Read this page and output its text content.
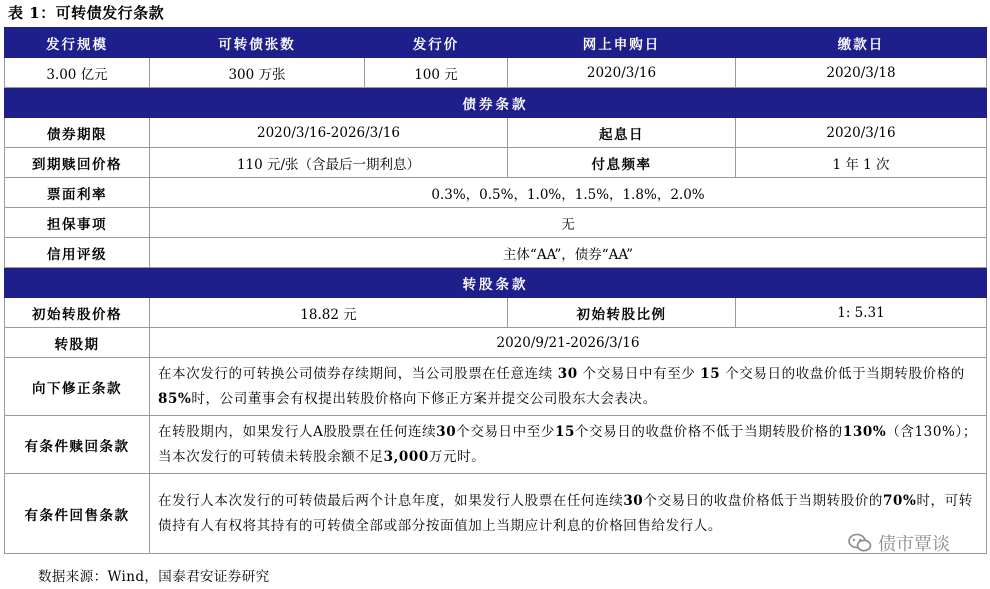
表 1：可转债发行条款
发行规模	可转债张数	发行价	网上申购日	缴款日
3.00 亿元	300 万张	100 元	2020/3/16	2020/3/18
债券条款				
债券期限	2020/3/16-2026/3/16		起息日	2020/3/16
到期赎回价格	110 元/张（含最后一期利息）		付息频率	1 年 1 次
票面利率	0.3%，0.5%，1.0%，1.5%，1.8%，2.0%			
担保事项	无			
信用评级	主体“AA”，债券“AA”			
转股条款				
初始转股价格	18.82 元		初始转股比例	1: 5.31
转股期	2020/9/21-2026/3/16			
向下修正条款	在本次发行的可转换公司债券存续期间，当公司股票在任意连续 30 个交易日中有至少 15 个交易日的收盘价低于当期转股价格的 85%时，公司董事会有权提出转股价格向下修正方案并提交公司股东大会表决。			
有条件赎回条款	在转股期内，如果发行人A股股票在任何连续30个交易日中至少15个交易日的收盘价格不低于当期转股价格的130%（含130%）；当本次发行的可转债未转股余额不足3,000万元时。			
有条件回售条款	在发行人本次发行的可转债最后两个计息年度，如果发行人股票在任何连续30个交易日的收盘价格低于当期转股价的70%时，可转债持有人有权将其持有的可转债全部或部分按面值加上当期应计利息的价格回售给发行人。			
债市覃谈
数据来源：Wind，国泰君安证券研究
